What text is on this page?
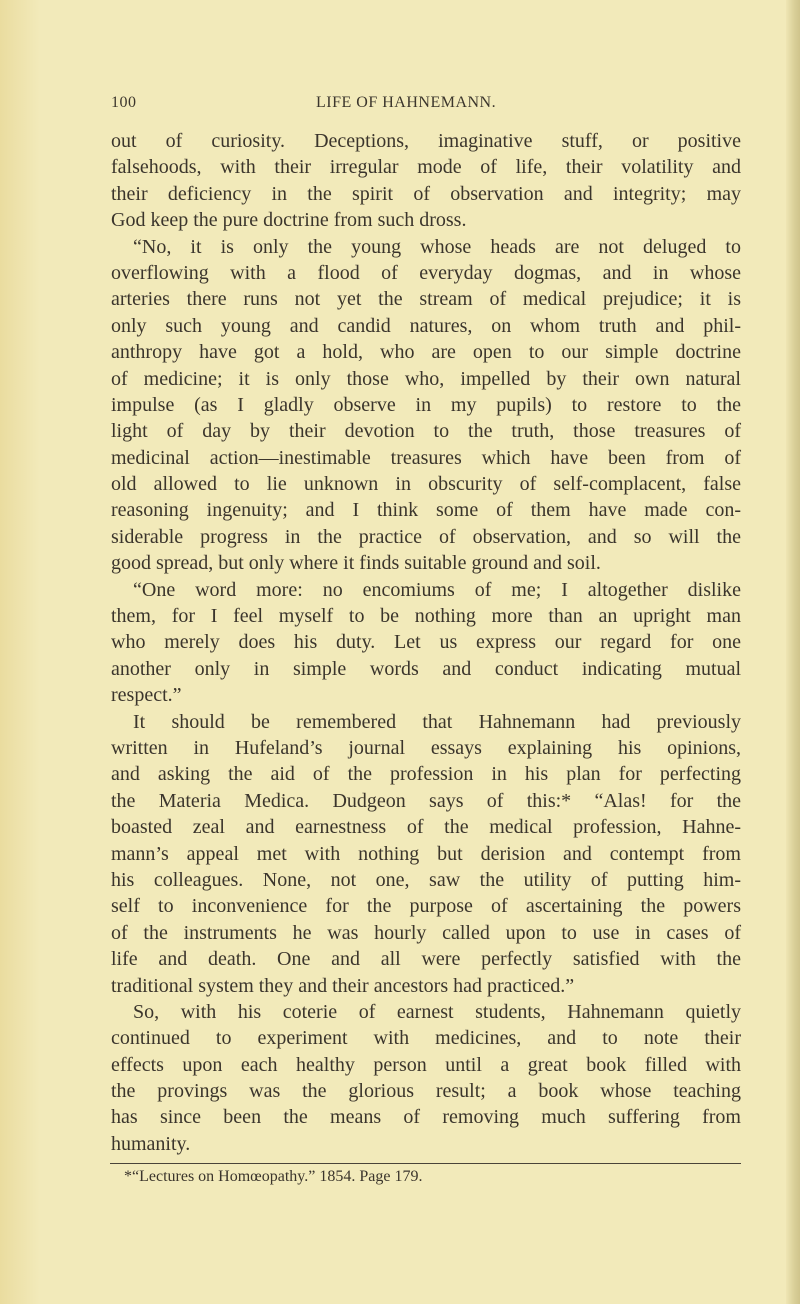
100	LIFE OF HAHNEMANN.
out of curiosity. Deceptions, imaginative stuff, or positive
falsehoods, with their irregular mode of life, their volatility and
their deficiency in the spirit of observation and integrity; may
God keep the pure doctrine from such dross.
“No, it is only the young whose heads are not deluged to
overflowing with a flood of everyday dogmas, and in whose
arteries there runs not yet the stream of medical prejudice; it is
only such young and candid natures, on whom truth and phil-
anthropy have got a hold, who are open to our simple doctrine
of medicine; it is only those who, impelled by their own natural
impulse (as I gladly observe in my pupils) to restore to the
light of day by their devotion to the truth, those treasures of
medicinal action—inestimable treasures which have been from of
old allowed to lie unknown in obscurity of self-complacent, false
reasoning ingenuity; and I think some of them have made con-
siderable progress in the practice of observation, and so will the
good spread, but only where it finds suitable ground and soil.
“One word more: no encomiums of me; I altogether dislike
them, for I feel myself to be nothing more than an upright man
who merely does his duty. Let us express our regard for one
another only in simple words and conduct indicating mutual
respect.”
It should be remembered that Hahnemann had previously
written in Hufeland’s journal essays explaining his opinions,
and asking the aid of the profession in his plan for perfecting
the Materia Medica. Dudgeon says of this:* “Alas! for the
boasted zeal and earnestness of the medical profession, Hahne-
mann’s appeal met with nothing but derision and contempt from
his colleagues. None, not one, saw the utility of putting him-
self to inconvenience for the purpose of ascertaining the powers
of the instruments he was hourly called upon to use in cases of
life and death. One and all were perfectly satisfied with the
traditional system they and their ancestors had practiced.”
So, with his coterie of earnest students, Hahnemann quietly
continued to experiment with medicines, and to note their
effects upon each healthy person until a great book filled with
the provings was the glorious result; a book whose teaching
has since been the means of removing much suffering from
humanity.
*“Lectures on Homœopathy.” 1854. Page 179.
